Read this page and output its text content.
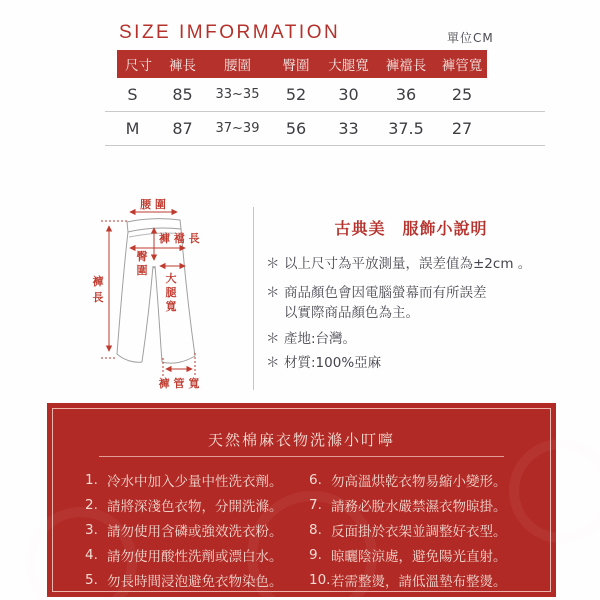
SIZE IMFORMATION	單位CM
尺寸	褲長	腰圍	臀圍	大腿寬	褲襠長	褲管寬
S	85	33~35	52	30	36	25
M	87	37~39	56	33	37.5	27
腰 圍
褲 襠 長
臀
圍
大
腿
寬
褲
長
褲 管 寬
古典美　服飾小說明
＊ 以上尺寸為平放測量，誤差值為±2cm 。
＊ 商品顏色會因電腦螢幕而有所誤差
以實際商品顏色為主。
＊ 產地:台灣。
＊ 材質:100%亞麻
天然棉麻衣物洗滌小叮嚀
1. 冷水中加入少量中性洗衣劑。
2. 請將深淺色衣物，分開洗滌。
3. 請勿使用含磷或強效洗衣粉。
4. 請勿使用酸性洗劑或漂白水。
5. 勿長時間浸泡避免衣物染色。
6. 勿高溫烘乾衣物易縮小變形。
7. 請務必脫水嚴禁濕衣物晾掛。
8. 反面掛於衣架並調整好衣型。
9. 晾曬陰涼處，避免陽光直射。
10. 若需整燙，請低溫墊布整燙。
